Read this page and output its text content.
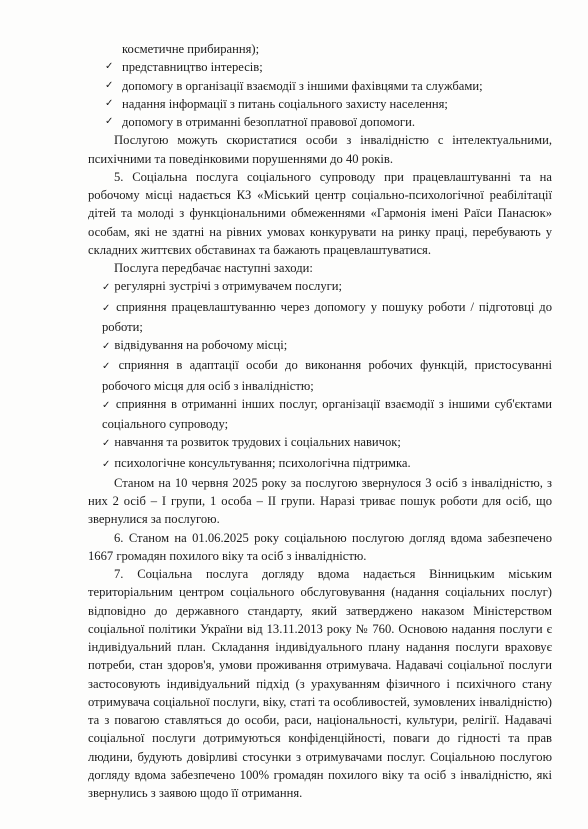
косметичне прибирання);

✓ представництво інтересів;

✓ допомогу в організації взаємодії з іншими фахівцями та службами;

✓ надання інформації з питань соціального захисту населення;

✓ допомогу в отриманні безоплатної правової допомоги.

Послугою можуть скористатися особи з інвалідністю с інтелектуальними, психічними та поведінковими порушеннями до 40 років.

5. Соціальна послуга соціального супроводу при працевлаштуванні та на робочому місці надається КЗ «Міський центр соціально-психологічної реабілітації дітей та молоді з функціональними обмеженнями «Гармонія імені Раїси Панасюк» особам, які не здатні на рівних умовах конкурувати на ринку праці, перебувають у складних життєвих обставинах та бажають працевлаштуватися.

Послуга передбачає наступні заходи:

✓ регулярні зустрічі з отримувачем послуги;

✓ сприяння працевлаштуванню через допомогу у пошуку роботи / підготовці до роботи;

✓ відвідування на робочому місці;

✓ сприяння в адаптації особи до виконання робочих функцій, пристосуванні робочого місця для осіб з інвалідністю;

✓ сприяння в отриманні інших послуг, організації взаємодії з іншими суб'єктами соціального супроводу;

✓ навчання та розвиток трудових і соціальних навичок;

✓ психологічне консультування; психологічна підтримка.

Станом на 10 червня 2025 року за послугою звернулося 3 осіб з інвалідністю, з них 2 осіб – І групи, 1 особа – ІІ групи. Наразі триває пошук роботи для осіб, що звернулися за послугою.

6. Станом на 01.06.2025 року соціальною послугою догляд вдома забезпечено 1667 громадян похилого віку та осіб з інвалідністю.

7. Соціальна послуга догляду вдома надається Вінницьким міським територіальним центром соціального обслуговування (надання соціальних послуг) відповідно до державного стандарту, який затверджено наказом Міністерством соціальної політики України від 13.11.2013 року № 760. Основою надання послуги є індивідуальний план. Складання індивідуального плану надання послуги враховує потреби, стан здоров'я, умови проживання отримувача. Надавачі соціальної послуги застосовують індивідуальний підхід (з урахуванням фізичного і психічного стану отримувача соціальної послуги, віку, статі та особливостей, зумовлених інвалідністю) та з повагою ставляться до особи, раси, національності, культури, релігії. Надавачі соціальної послуги дотримуються конфіденційності, поваги до гідності та прав людини, будують довірливі стосунки з отримувачами послуг. Соціальною послугою догляду вдома забезпечено 100% громадян похилого віку та осіб з інвалідністю, які звернулись з заявою щодо її отримання.
